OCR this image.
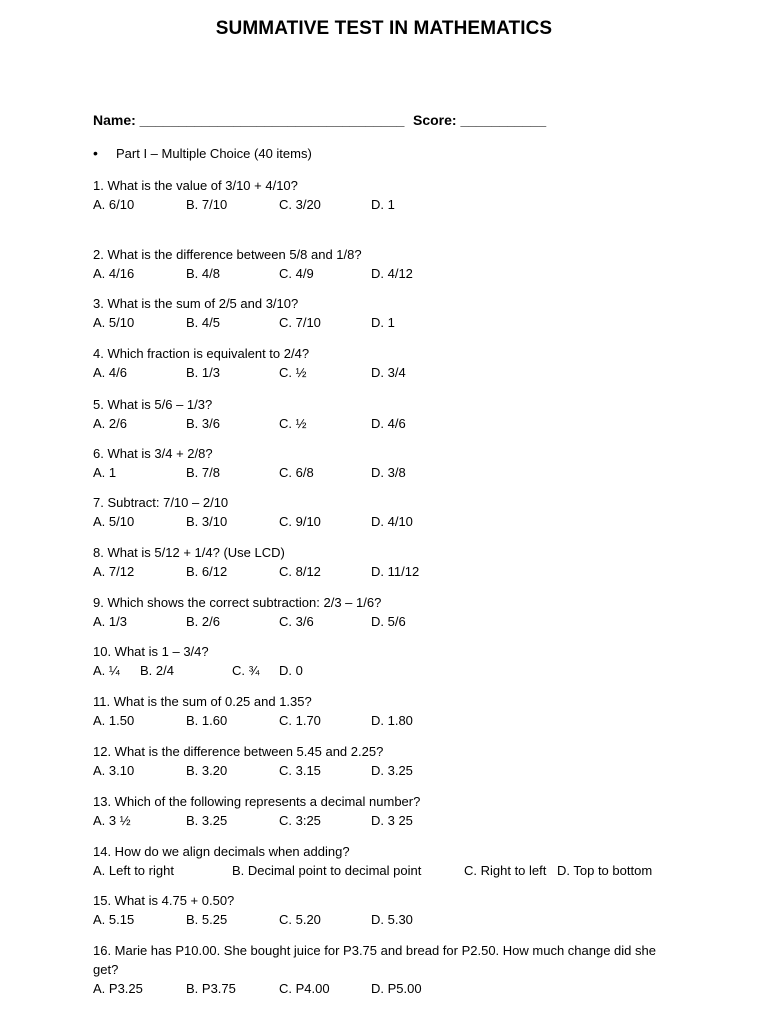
SUMMATIVE TEST IN MATHEMATICS
Name: __________________________________ Score: ___________
• Part I – Multiple Choice (40 items)
1. What is the value of 3/10 + 4/10?
A. 6/10	B. 7/10	C. 3/20	D. 1
2. What is the difference between 5/8 and 1/8?
A. 4/16	B. 4/8	C. 4/9	D. 4/12
3. What is the sum of 2/5 and 3/10?
A. 5/10	B. 4/5	C. 7/10	D. 1
4. Which fraction is equivalent to 2/4?
A. 4/6	B. 1/3	C. ½	D. 3/4
5. What is 5/6 – 1/3?
A. 2/6	B. 3/6	C. ½	D. 4/6
6. What is 3/4 + 2/8?
A. 1	B. 7/8	C. 6/8	D. 3/8
7. Subtract: 7/10 – 2/10
A. 5/10	B. 3/10	C. 9/10	D. 4/10
8. What is 5/12 + 1/4? (Use LCD)
A. 7/12	B. 6/12	C. 8/12	D. 11/12
9. Which shows the correct subtraction: 2/3 – 1/6?
A. 1/3	B. 2/6	C. 3/6	D. 5/6
10. What is 1 – 3/4?
A. ¼ B. 2/4	C. ¾ D. 0
11. What is the sum of 0.25 and 1.35?
A. 1.50	B. 1.60	C. 1.70	D. 1.80
12. What is the difference between 5.45 and 2.25?
A. 3.10	B. 3.20	C. 3.15	D. 3.25
13. Which of the following represents a decimal number?
A. 3 ½	B. 3.25	C. 3:25	D. 3 25
14. How do we align decimals when adding?
A. Left to right	B. Decimal point to decimal point	C. Right to left D. Top to bottom
15. What is 4.75 + 0.50?
A. 5.15	B. 5.25	C. 5.20	D. 5.30
16. Marie has P10.00. She bought juice for P3.75 and bread for P2.50. How much change did she get?
A. P3.25	B. P3.75	C. P4.00	D. P5.00
